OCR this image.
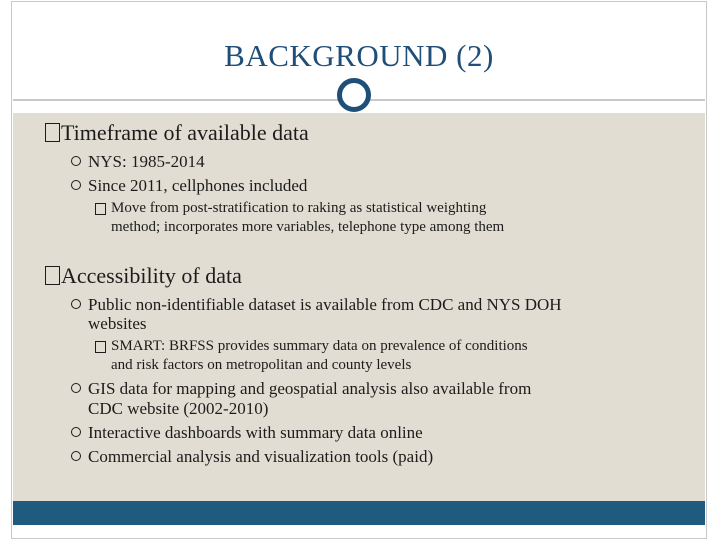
BACKGROUND (2)
Timeframe of available data
NYS: 1985-2014
Since 2011, cellphones included
Move from post-stratification to raking as statistical weighting
method; incorporates more variables, telephone type among them
Accessibility of data
Public non-identifiable dataset is available from CDC and NYS DOH
websites
SMART: BRFSS provides summary data on prevalence of conditions
and risk factors on metropolitan and county levels
GIS data for mapping and geospatial analysis also available from
CDC website (2002-2010)
Interactive dashboards with summary data online
Commercial analysis and visualization tools (paid)
